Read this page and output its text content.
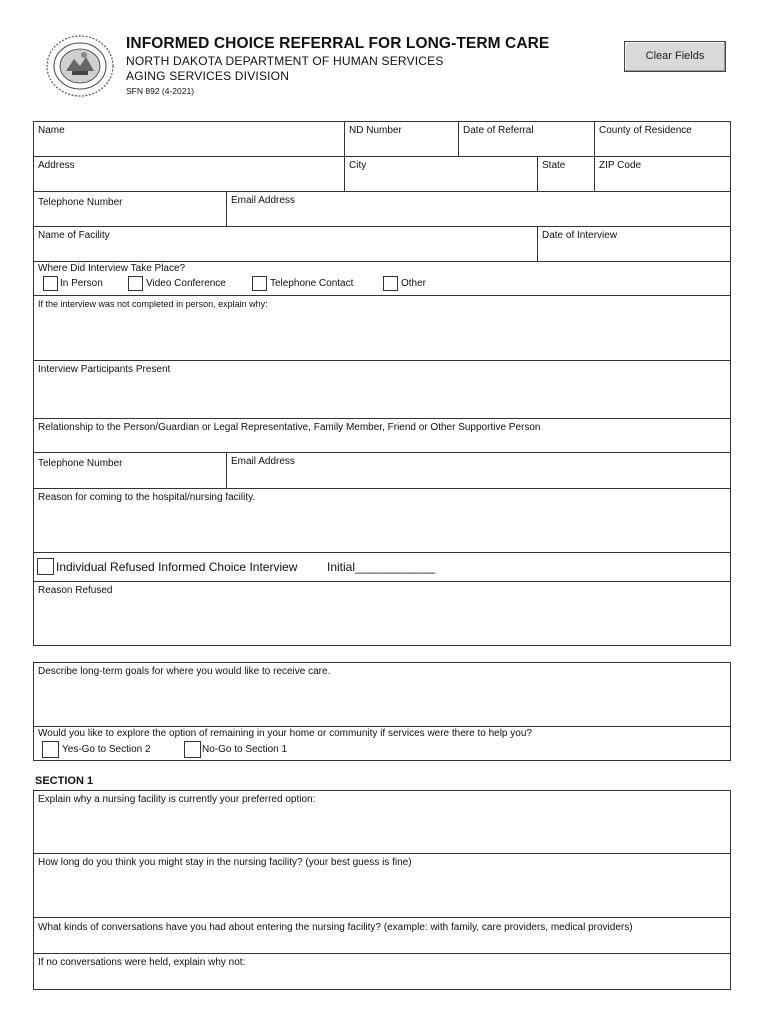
INFORMED CHOICE REFERRAL FOR LONG-TERM CARE
NORTH DAKOTA DEPARTMENT OF HUMAN SERVICES
AGING SERVICES DIVISION
SFN 892 (4-2021)
Clear Fields
Name	ND Number	Date of Referral	County of Residence
Address	City	State	ZIP Code
Telephone Number	Email Address
Name of Facility	Date of Interview
Where Did Interview Take Place?
In Person	Video Conference	Telephone Contact	Other
If the interview was not completed in person, explain why:
Interview Participants Present
Relationship to the Person/Guardian or Legal Representative, Family Member, Friend or Other Supportive Person
Telephone Number	Email Address
Reason for coming to the hospital/nursing facility.
Individual Refused Informed Choice Interview Initial____________
Reason Refused
Describe long-term goals for where you would like to receive care.
Would you like to explore the option of remaining in your home or community if services were there to help you?
Yes-Go to Section 2	No-Go to Section 1
SECTION 1
Explain why a nursing facility is currently your preferred option:
How long do you think you might stay in the nursing facility? (your best guess is fine)
What kinds of conversations have you had about entering the nursing facility? (example: with family, care providers, medical providers)
If no conversations were held, explain why not:
